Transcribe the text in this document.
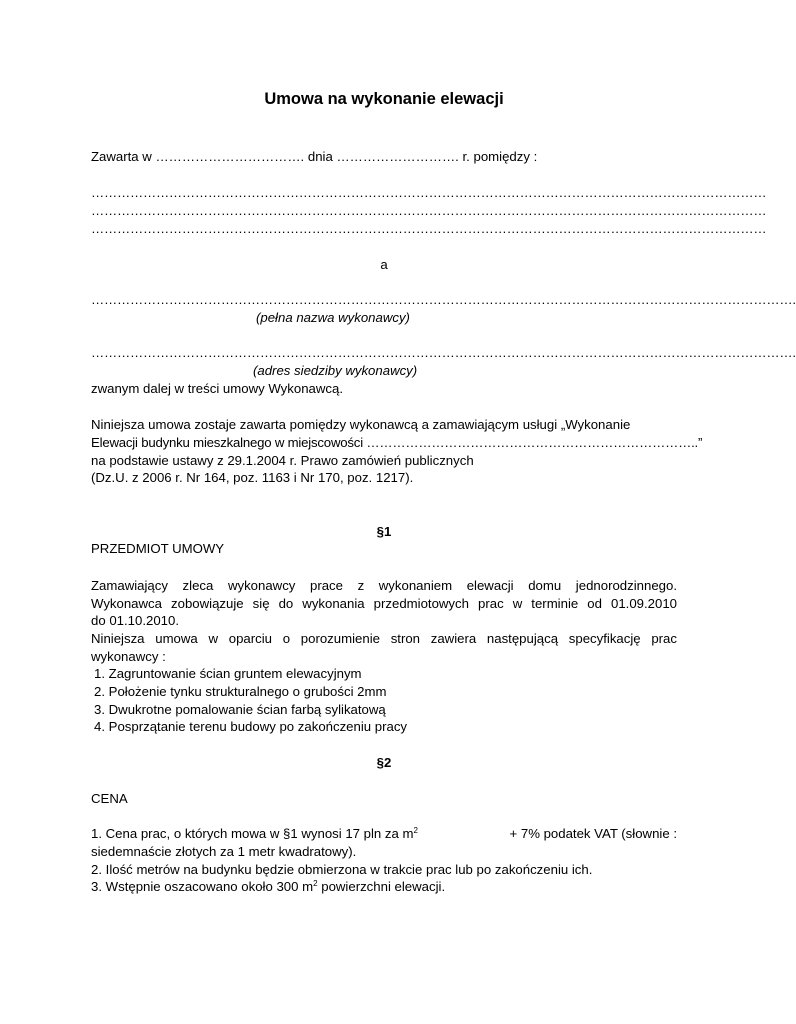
Umowa na wykonanie elewacji
Zawarta w ……………………………. dnia ………………………. r. pomiędzy :
…………………………………………………………………………………………………………………………………………
…………………………………………………………………………………………………………………………………………
…………………………………………………………………………………………………………………………………………
a
……………………………………………………………………………………………………………………………………………….
(pełna nazwa wykonawcy)
……………………………………………………………………………………………………………………………………………….
(adres siedziby wykonawcy)
zwanym dalej w treści umowy Wykonawcą.
Niniejsza umowa zostaje zawarta pomiędzy wykonawcą a zamawiającym usługi „Wykonanie
Elewacji budynku mieszkalnego w miejscowości …………………………………………………………………..”
na podstawie ustawy z 29.1.2004 r. Prawo zamówień publicznych
(Dz.U. z 2006 r. Nr 164, poz. 1163 i Nr 170, poz. 1217).
§1
PRZEDMIOT UMOWY
Zamawiający zleca wykonawcy prace z wykonaniem elewacji domu jednorodzinnego.
Wykonawca zobowiązuje się do wykonania przedmiotowych prac w terminie od 01.09.2010
do 01.10.2010.
Niniejsza umowa w oparciu o porozumienie stron zawiera następującą specyfikację prac
wykonawcy :
1. Zagruntowanie ścian gruntem elewacyjnym
2. Położenie tynku strukturalnego o grubości 2mm
3. Dwukrotne pomalowanie ścian farbą sylikatową
4. Posprzątanie terenu budowy po zakończeniu pracy
§2
CENA
1. Cena prac, o których mowa w §1 wynosi 17 pln za $m^2$	+ 7% podatek VAT (słownie :
siedemnaście złotych za 1 metr kwadratowy).
2. Ilość metrów na budynku będzie obmierzona w trakcie prac lub po zakończeniu ich.
3. Wstępnie oszacowano około 300 $m^2$ powierzchni elewacji.
